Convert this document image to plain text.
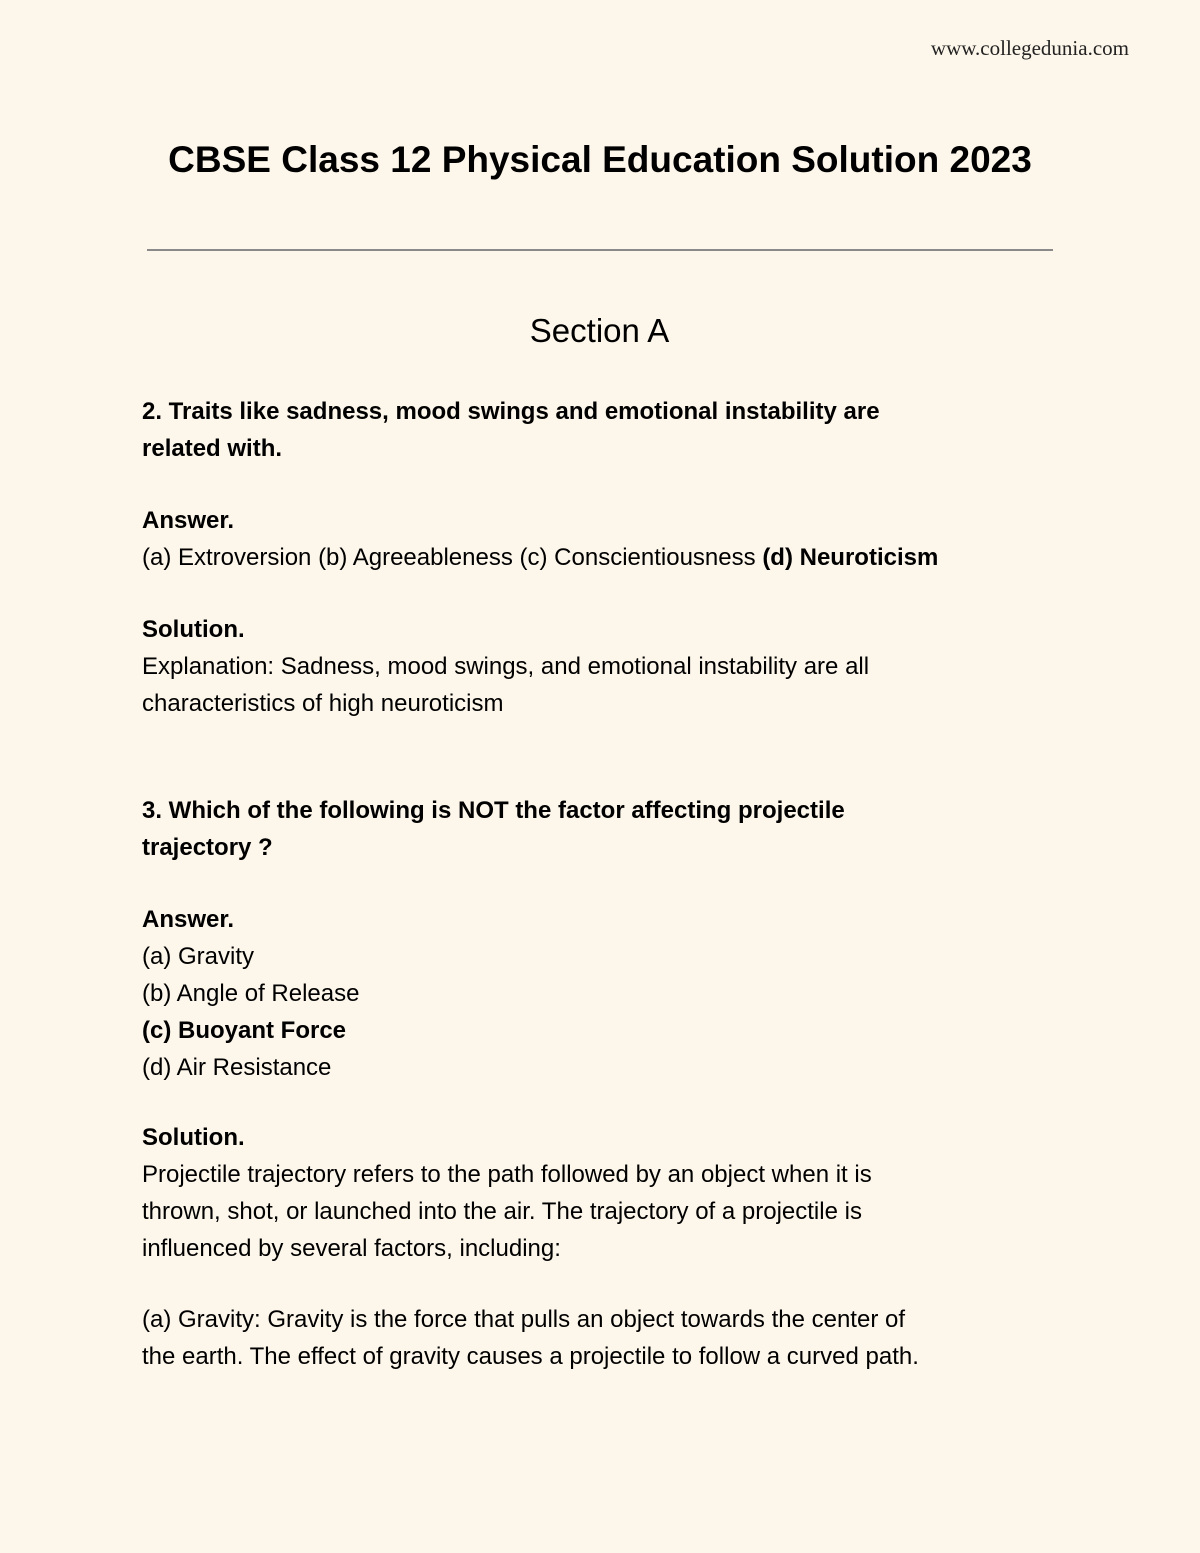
www.collegedunia.com
CBSE Class 12 Physical Education Solution 2023
Section A
2. Traits like sadness, mood swings and emotional instability are
related with.
Answer.
(a) Extroversion (b) Agreeableness (c) Conscientiousness (d) Neuroticism
Solution.
Explanation: Sadness, mood swings, and emotional instability are all
characteristics of high neuroticism
3. Which of the following is NOT the factor affecting projectile
trajectory ?
Answer.
(a) Gravity
(b) Angle of Release
(c) Buoyant Force
(d) Air Resistance
Solution.
Projectile trajectory refers to the path followed by an object when it is
thrown, shot, or launched into the air. The trajectory of a projectile is
influenced by several factors, including:
(a) Gravity: Gravity is the force that pulls an object towards the center of
the earth. The effect of gravity causes a projectile to follow a curved path.
